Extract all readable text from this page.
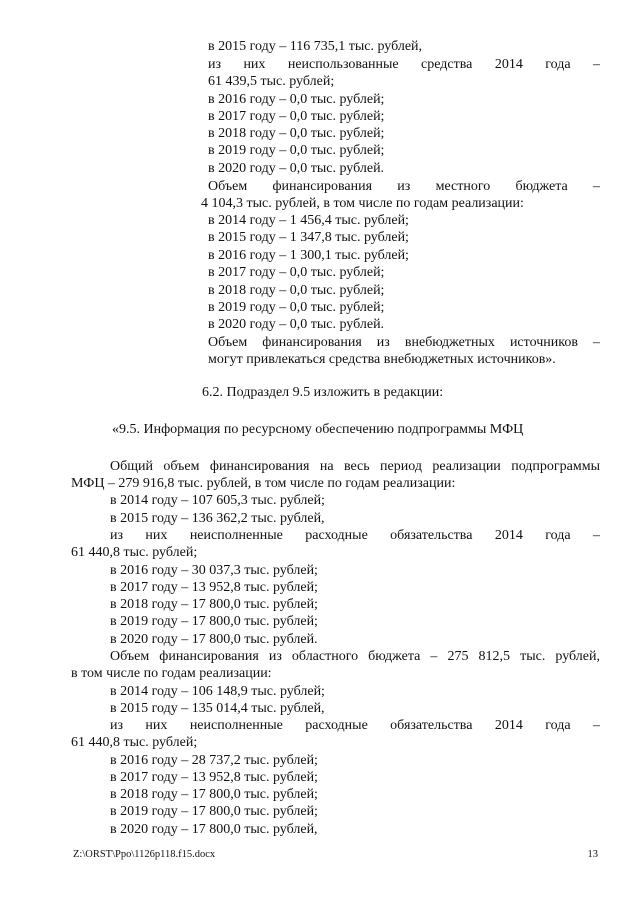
в 2015 году – 116 735,1 тыс. рублей,
из них неиспользованные средства 2014 года –
61 439,5 тыс. рублей;
в 2016 году – 0,0 тыс. рублей;
в 2017 году – 0,0 тыс. рублей;
в 2018 году – 0,0 тыс. рублей;
в 2019 году – 0,0 тыс. рублей;
в 2020 году – 0,0 тыс. рублей.
Объем финансирования из местного бюджета –
4 104,3 тыс. рублей, в том числе по годам реализации:
в 2014 году – 1 456,4 тыс. рублей;
в 2015 году – 1 347,8 тыс. рублей;
в 2016 году – 1 300,1 тыс. рублей;
в 2017 году – 0,0 тыс. рублей;
в 2018 году – 0,0 тыс. рублей;
в 2019 году – 0,0 тыс. рублей;
в 2020 году – 0,0 тыс. рублей.
Объем финансирования из внебюджетных источников –
могут привлекаться средства внебюджетных источников».
6.2. Подраздел 9.5 изложить в редакции:
«9.5. Информация по ресурсному обеспечению подпрограммы МФЦ
Общий объем финансирования на весь период реализации подпрограммы
МФЦ – 279 916,8 тыс. рублей, в том числе по годам реализации:
в 2014 году – 107 605,3 тыс. рублей;
в 2015 году – 136 362,2 тыс. рублей,
из них неисполненные расходные обязательства 2014 года –
61 440,8 тыс. рублей;
в 2016 году – 30 037,3 тыс. рублей;
в 2017 году – 13 952,8 тыс. рублей;
в 2018 году – 17 800,0 тыс. рублей;
в 2019 году – 17 800,0 тыс. рублей;
в 2020 году – 17 800,0 тыс. рублей.
Объем финансирования из областного бюджета – 275 812,5 тыс. рублей,
в том числе по годам реализации:
в 2014 году – 106 148,9 тыс. рублей;
в 2015 году – 135 014,4 тыс. рублей,
из них неисполненные расходные обязательства 2014 года –
61 440,8 тыс. рублей;
в 2016 году – 28 737,2 тыс. рублей;
в 2017 году – 13 952,8 тыс. рублей;
в 2018 году – 17 800,0 тыс. рублей;
в 2019 году – 17 800,0 тыс. рублей;
в 2020 году – 17 800,0 тыс. рублей,
Z:\ORST\Ppo\1126p118.f15.docx	13
